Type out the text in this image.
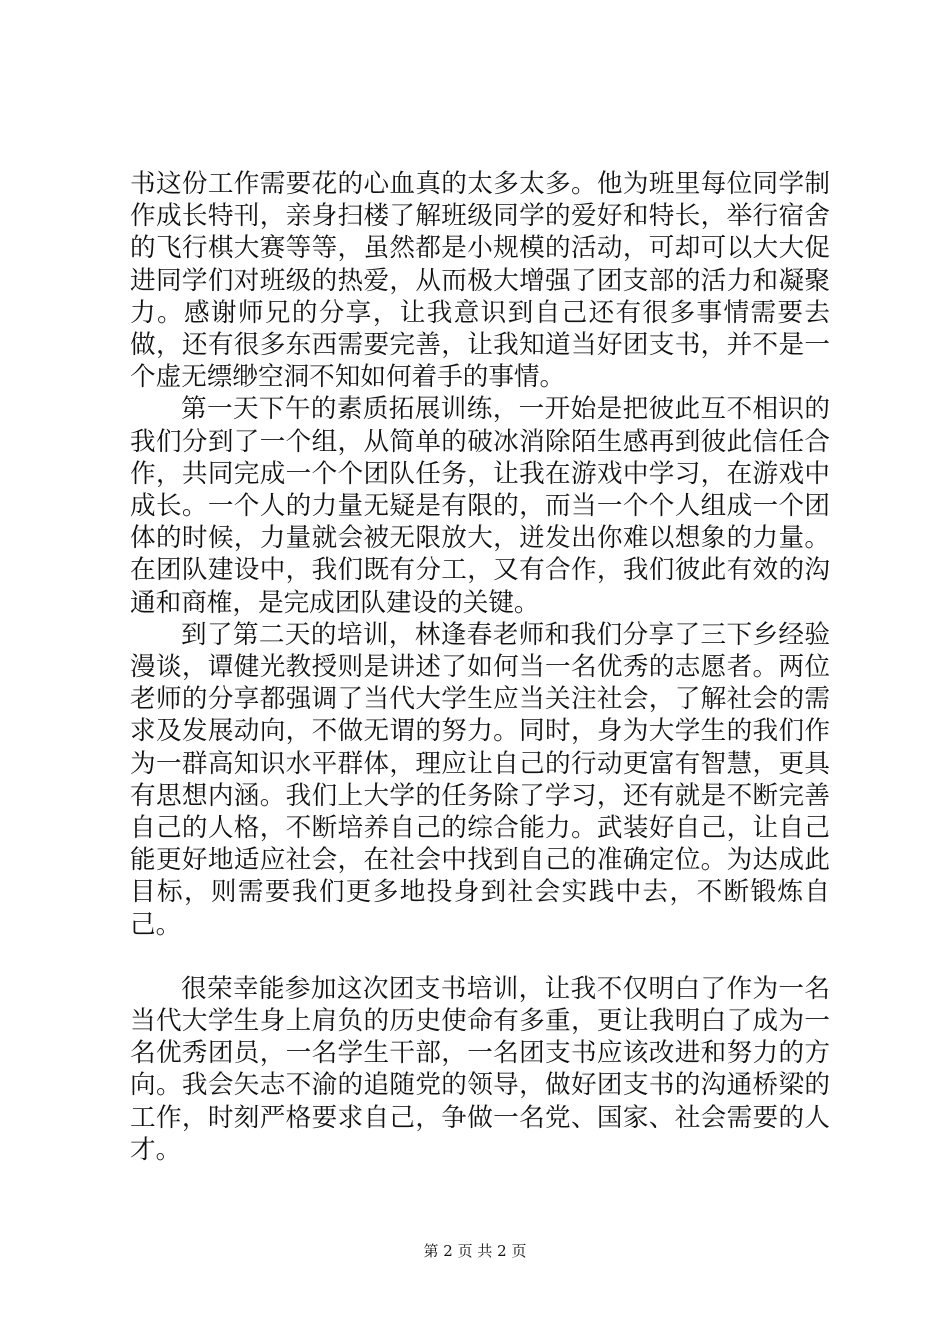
书这份工作需要花的心血真的太多太多。他为班里每位同学制作成长特刊，亲身扫楼了解班级同学的爱好和特长，举行宿舍的飞行棋大赛等等，虽然都是小规模的活动，可却可以大大促进同学们对班级的热爱，从而极大增强了团支部的活力和凝聚力。感谢师兄的分享，让我意识到自己还有很多事情需要去做，还有很多东西需要完善，让我知道当好团支书，并不是一个虚无缥缈空洞不知如何着手的事情。

第一天下午的素质拓展训练，一开始是把彼此互不相识的我们分到了一个组，从简单的破冰消除陌生感再到彼此信任合作，共同完成一个个团队任务，让我在游戏中学习，在游戏中成长。一个人的力量无疑是有限的，而当一个个人组成一个团体的时候，力量就会被无限放大，迸发出你难以想象的力量。在团队建设中，我们既有分工，又有合作，我们彼此有效的沟通和商榷，是完成团队建设的关键。

到了第二天的培训，林逢春老师和我们分享了三下乡经验漫谈，谭健光教授则是讲述了如何当一名优秀的志愿者。两位老师的分享都强调了当代大学生应当关注社会，了解社会的需求及发展动向，不做无谓的努力。同时，身为大学生的我们作为一群高知识水平群体，理应让自己的行动更富有智慧，更具有思想内涵。我们上大学的任务除了学习，还有就是不断完善自己的人格，不断培养自己的综合能力。武装好自己，让自己能更好地适应社会，在社会中找到自己的准确定位。为达成此目标，则需要我们更多地投身到社会实践中去，不断锻炼自己。

很荣幸能参加这次团支书培训，让我不仅明白了作为一名当代大学生身上肩负的历史使命有多重，更让我明白了成为一名优秀团员，一名学生干部，一名团支书应该改进和努力的方向。我会矢志不渝的追随党的领导，做好团支书的沟通桥梁的工作，时刻严格要求自己，争做一名党、国家、社会需要的人才。

第 2 页 共 2 页
